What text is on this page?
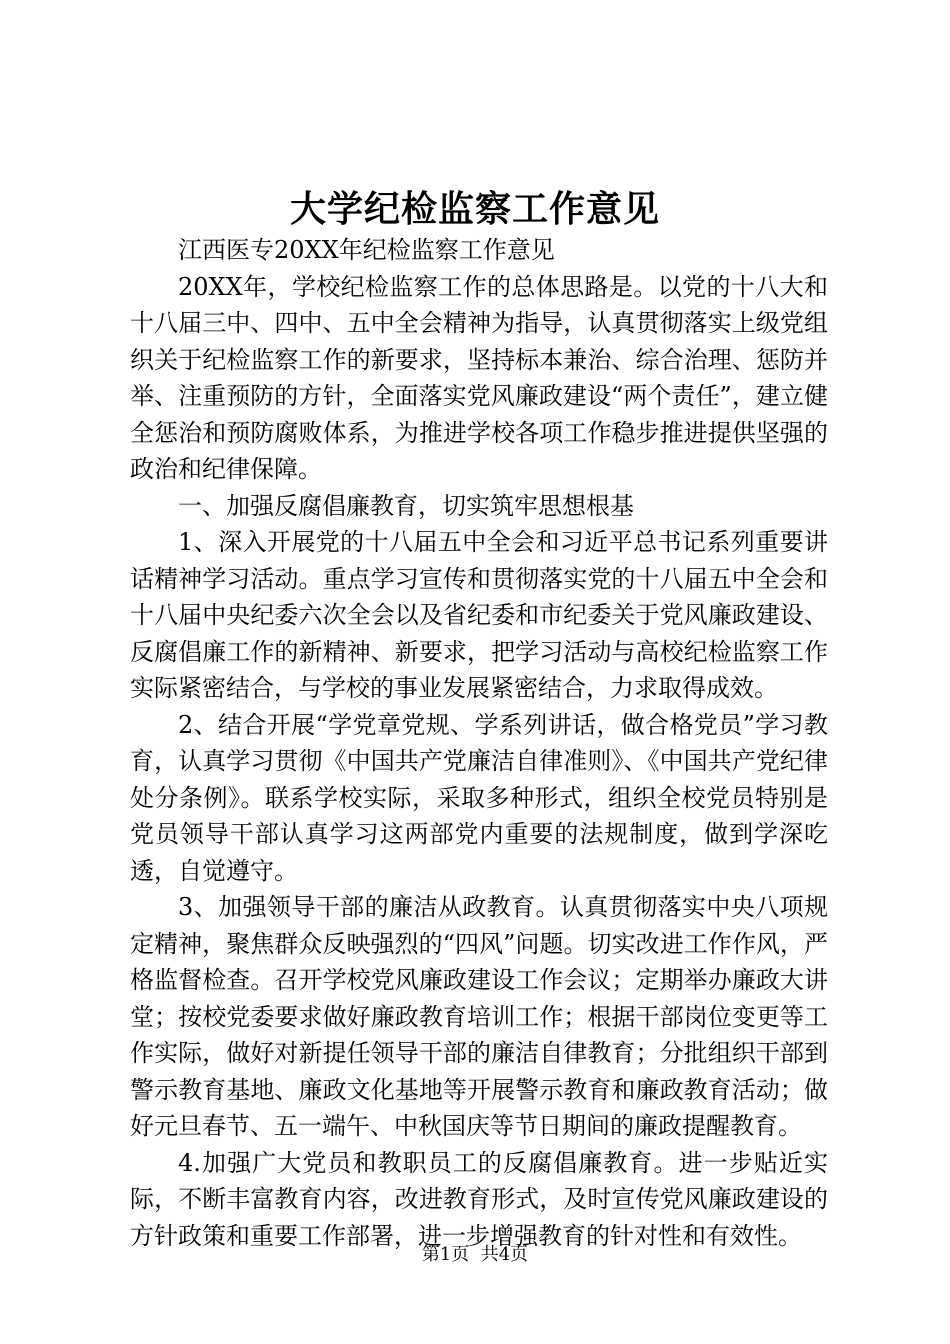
大学纪检监察工作意见

江西医专20XX年纪检监察工作意见

20XX年，学校纪检监察工作的总体思路是。以党的十八大和十八届三中、四中、五中全会精神为指导，认真贯彻落实上级党组织关于纪检监察工作的新要求，坚持标本兼治、综合治理、惩防并举、注重预防的方针，全面落实党风廉政建设“两个责任”，建立健全惩治和预防腐败体系，为推进学校各项工作稳步推进提供坚强的政治和纪律保障。

一、加强反腐倡廉教育，切实筑牢思想根基

1、深入开展党的十八届五中全会和习近平总书记系列重要讲话精神学习活动。重点学习宣传和贯彻落实党的十八届五中全会和十八届中央纪委六次全会以及省纪委和市纪委关于党风廉政建设、反腐倡廉工作的新精神、新要求，把学习活动与高校纪检监察工作实际紧密结合，与学校的事业发展紧密结合，力求取得成效。

2、结合开展“学党章党规、学系列讲话，做合格党员”学习教育，认真学习贯彻《中国共产党廉洁自律准则》、《中国共产党纪律处分条例》。联系学校实际，采取多种形式，组织全校党员特别是党员领导干部认真学习这两部党内重要的法规制度，做到学深吃透，自觉遵守。

3、加强领导干部的廉洁从政教育。认真贯彻落实中央八项规定精神，聚焦群众反映强烈的“四风”问题。切实改进工作作风，严格监督检查。召开学校党风廉政建设工作会议；定期举办廉政大讲堂；按校党委要求做好廉政教育培训工作；根据干部岗位变更等工作实际，做好对新提任领导干部的廉洁自律教育；分批组织干部到警示教育基地、廉政文化基地等开展警示教育和廉政教育活动；做好元旦春节、五一端午、中秋国庆等节日期间的廉政提醒教育。

4.加强广大党员和教职员工的反腐倡廉教育。进一步贴近实际，不断丰富教育内容，改进教育形式，及时宣传党风廉政建设的方针政策和重要工作部署，进一步增强教育的针对性和有效性。

第1页  共4页
